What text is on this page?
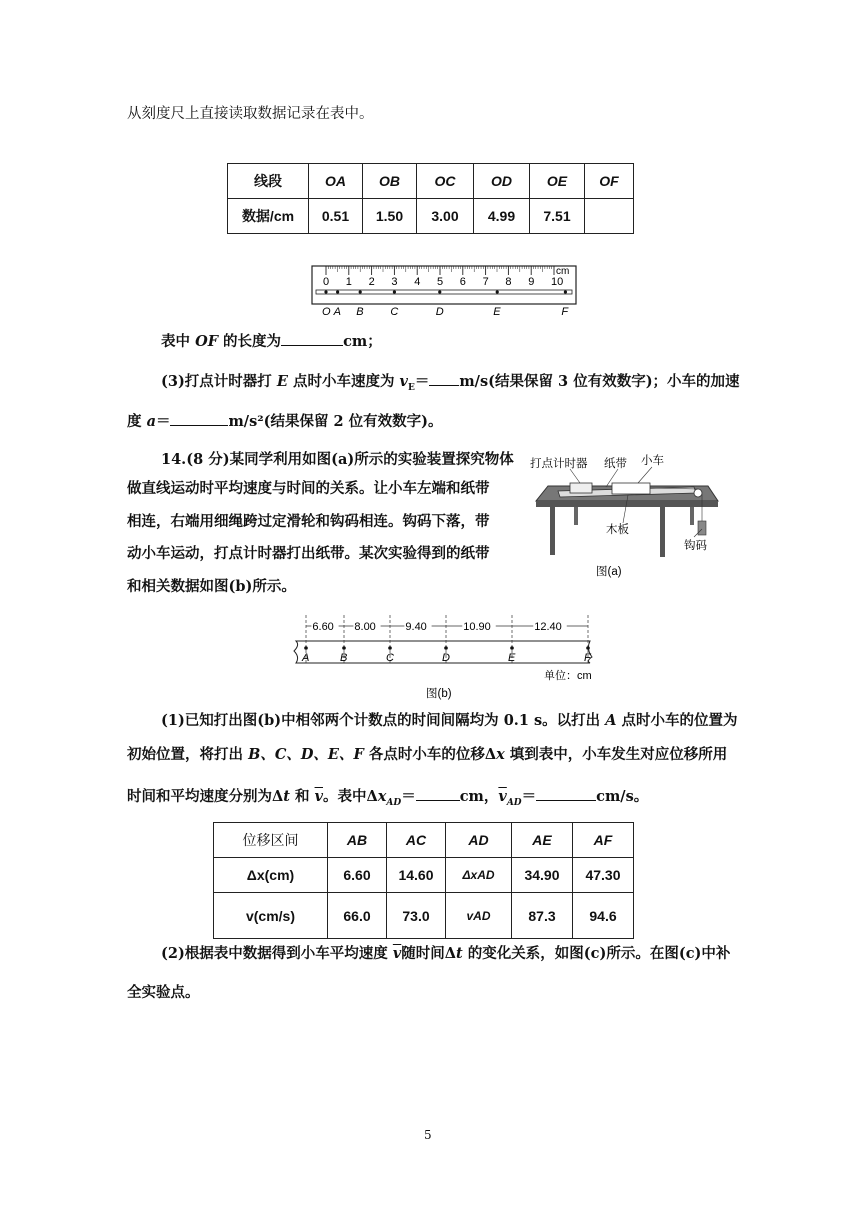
从刻度尺上直接读取数据记录在表中。
线段	OA	OB	OC	OD	OE	OF
数据/cm	0.51	1.50	3.00	4.99	7.51	
cm
0 1 2 3 4 5 6 7 8 9 10
O A B C	D	E	F
表中 OF 的长度为	cm；
(3)打点计时器打 E 点时小车速度为 $v_E= m/s$(结果保留 3 位有效数字)；小车的加速
度 a＝	m/s²(结果保留 2 位有效数字)。
14.(8 分)某同学利用如图(a)所示的实验装置探究物体
做直线运动时平均速度与时间的关系。让小车左端和纸带
相连，右端用细绳跨过定滑轮和钩码相连。钩码下落，带
动小车运动，打点计时器打出纸带。某次实验得到的纸带
和相关数据如图(b)所示。
打点计时器 纸带 小车
木板
钩码
图(a)
A	B	C	D	E	F
6.60 8.00	9.40	10.90	12.40
单位：cm
图(b)
(1)已知打出图(b)中相邻两个计数点的时间间隔均为 0.1 s。以打出 A 点时小车的位置为
初始位置，将打出 B、C、D、E、F 各点时小车的位移Δx 填到表中，小车发生对应位移所用
时间和平均速度分别为Δt 和 $\overline{v}$。表中$\Delta x_{AD}=$	cm，$\overline{v}_{AD}=$	cm/s。
位移区间	AB	AC	AD	AE	AF
Δx(cm)	6.60	14.60	ΔxAD	34.90	47.30
v(cm/s)	66.0	73.0	vAD	87.3	94.6
(2)根据表中数据得到小车平均速度 $\overline{v}$随时间Δt 的变化关系，如图(c)所示。在图(c)中补
全实验点。
5
